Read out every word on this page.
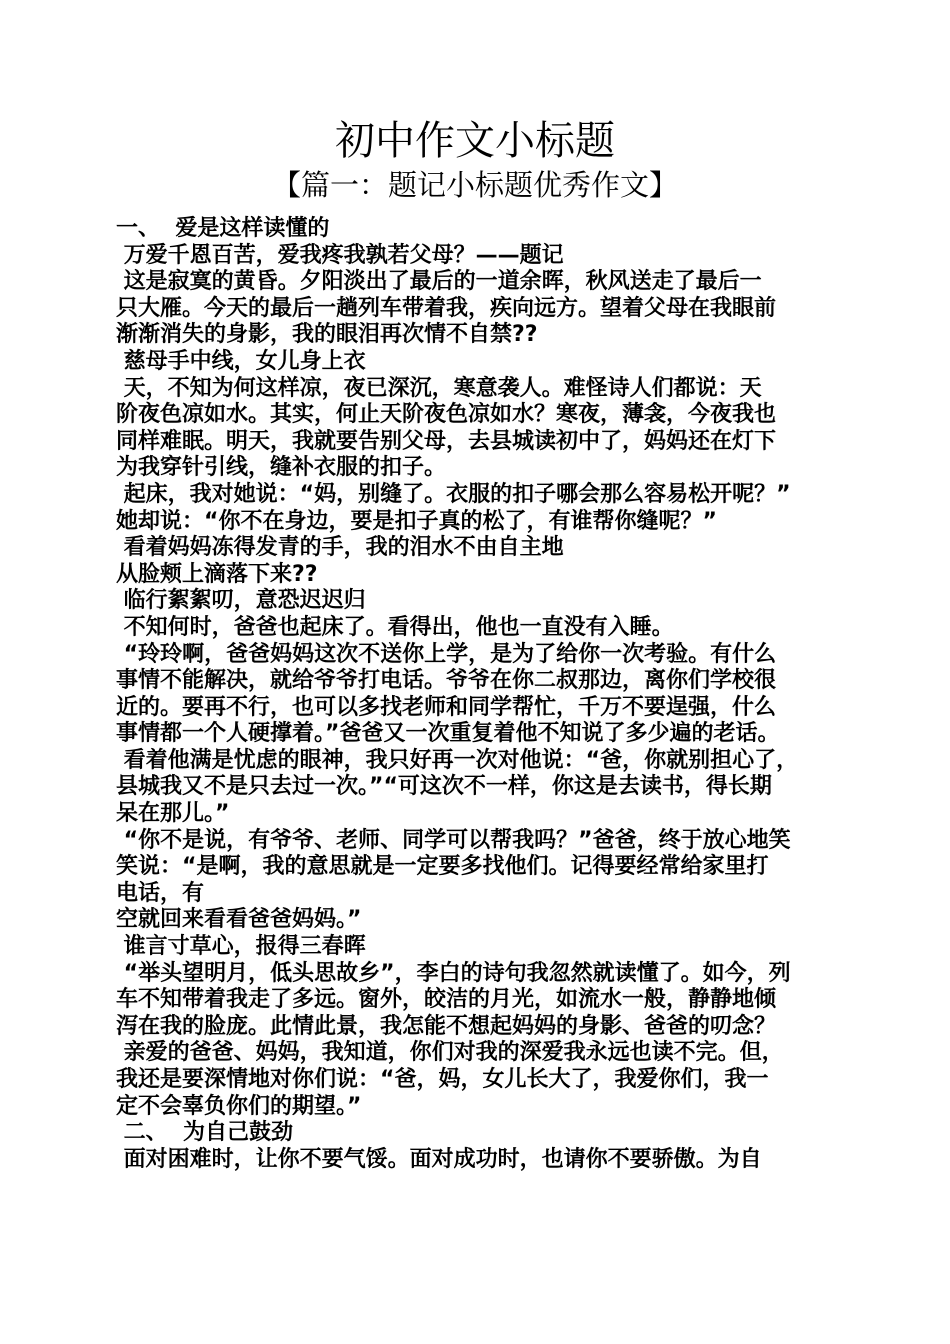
初中作文小标题
【篇一：题记小标题优秀作文】
一、  爱是这样读懂的
万爱千恩百苦，爱我疼我孰若父母？——题记
这是寂寞的黄昏。夕阳淡出了最后的一道余晖，秋风送走了最后一
只大雁。今天的最后一趟列车带着我，疾向远方。望着父母在我眼前
渐渐消失的身影，我的眼泪再次情不自禁??
慈母手中线，女儿身上衣
天，不知为何这样凉，夜已深沉，寒意袭人。难怪诗人们都说：天
阶夜色凉如水。其实，何止天阶夜色凉如水？寒夜，薄衾，今夜我也
同样难眠。明天，我就要告别父母，去县城读初中了，妈妈还在灯下
为我穿针引线，缝补衣服的扣子。
起床，我对她说：“妈，别缝了。衣服的扣子哪会那么容易松开呢？”
她却说：“你不在身边，要是扣子真的松了，有谁帮你缝呢？”
看着妈妈冻得发青的手，我的泪水不由自主地
从脸颊上滴落下来??
临行絮絮叨，意恐迟迟归
不知何时，爸爸也起床了。看得出，他也一直没有入睡。
“玲玲啊，爸爸妈妈这次不送你上学，是为了给你一次考验。有什么
事情不能解决，就给爷爷打电话。爷爷在你二叔那边，离你们学校很
近的。要再不行，也可以多找老师和同学帮忙，千万不要逞强，什么
事情都一个人硬撑着。”爸爸又一次重复着他不知说了多少遍的老话。
看着他满是忧虑的眼神，我只好再一次对他说：“爸，你就别担心了，
县城我又不是只去过一次。”“可这次不一样，你这是去读书，得长期
呆在那儿。”
“你不是说，有爷爷、老师、同学可以帮我吗？”爸爸，终于放心地笑
笑说：“是啊，我的意思就是一定要多找他们。记得要经常给家里打
电话，有
空就回来看看爸爸妈妈。”
谁言寸草心，报得三春晖
“举头望明月，低头思故乡”，李白的诗句我忽然就读懂了。如今，列
车不知带着我走了多远。窗外，皎洁的月光，如流水一般，静静地倾
泻在我的脸庞。此情此景，我怎能不想起妈妈的身影、爸爸的叨念？
亲爱的爸爸、妈妈，我知道，你们对我的深爱我永远也读不完。但，
我还是要深情地对你们说：“爸，妈，女儿长大了，我爱你们，我一
定不会辜负你们的期望。”
二、  为自己鼓劲
面对困难时，让你不要气馁。面对成功时，也请你不要骄傲。为自
